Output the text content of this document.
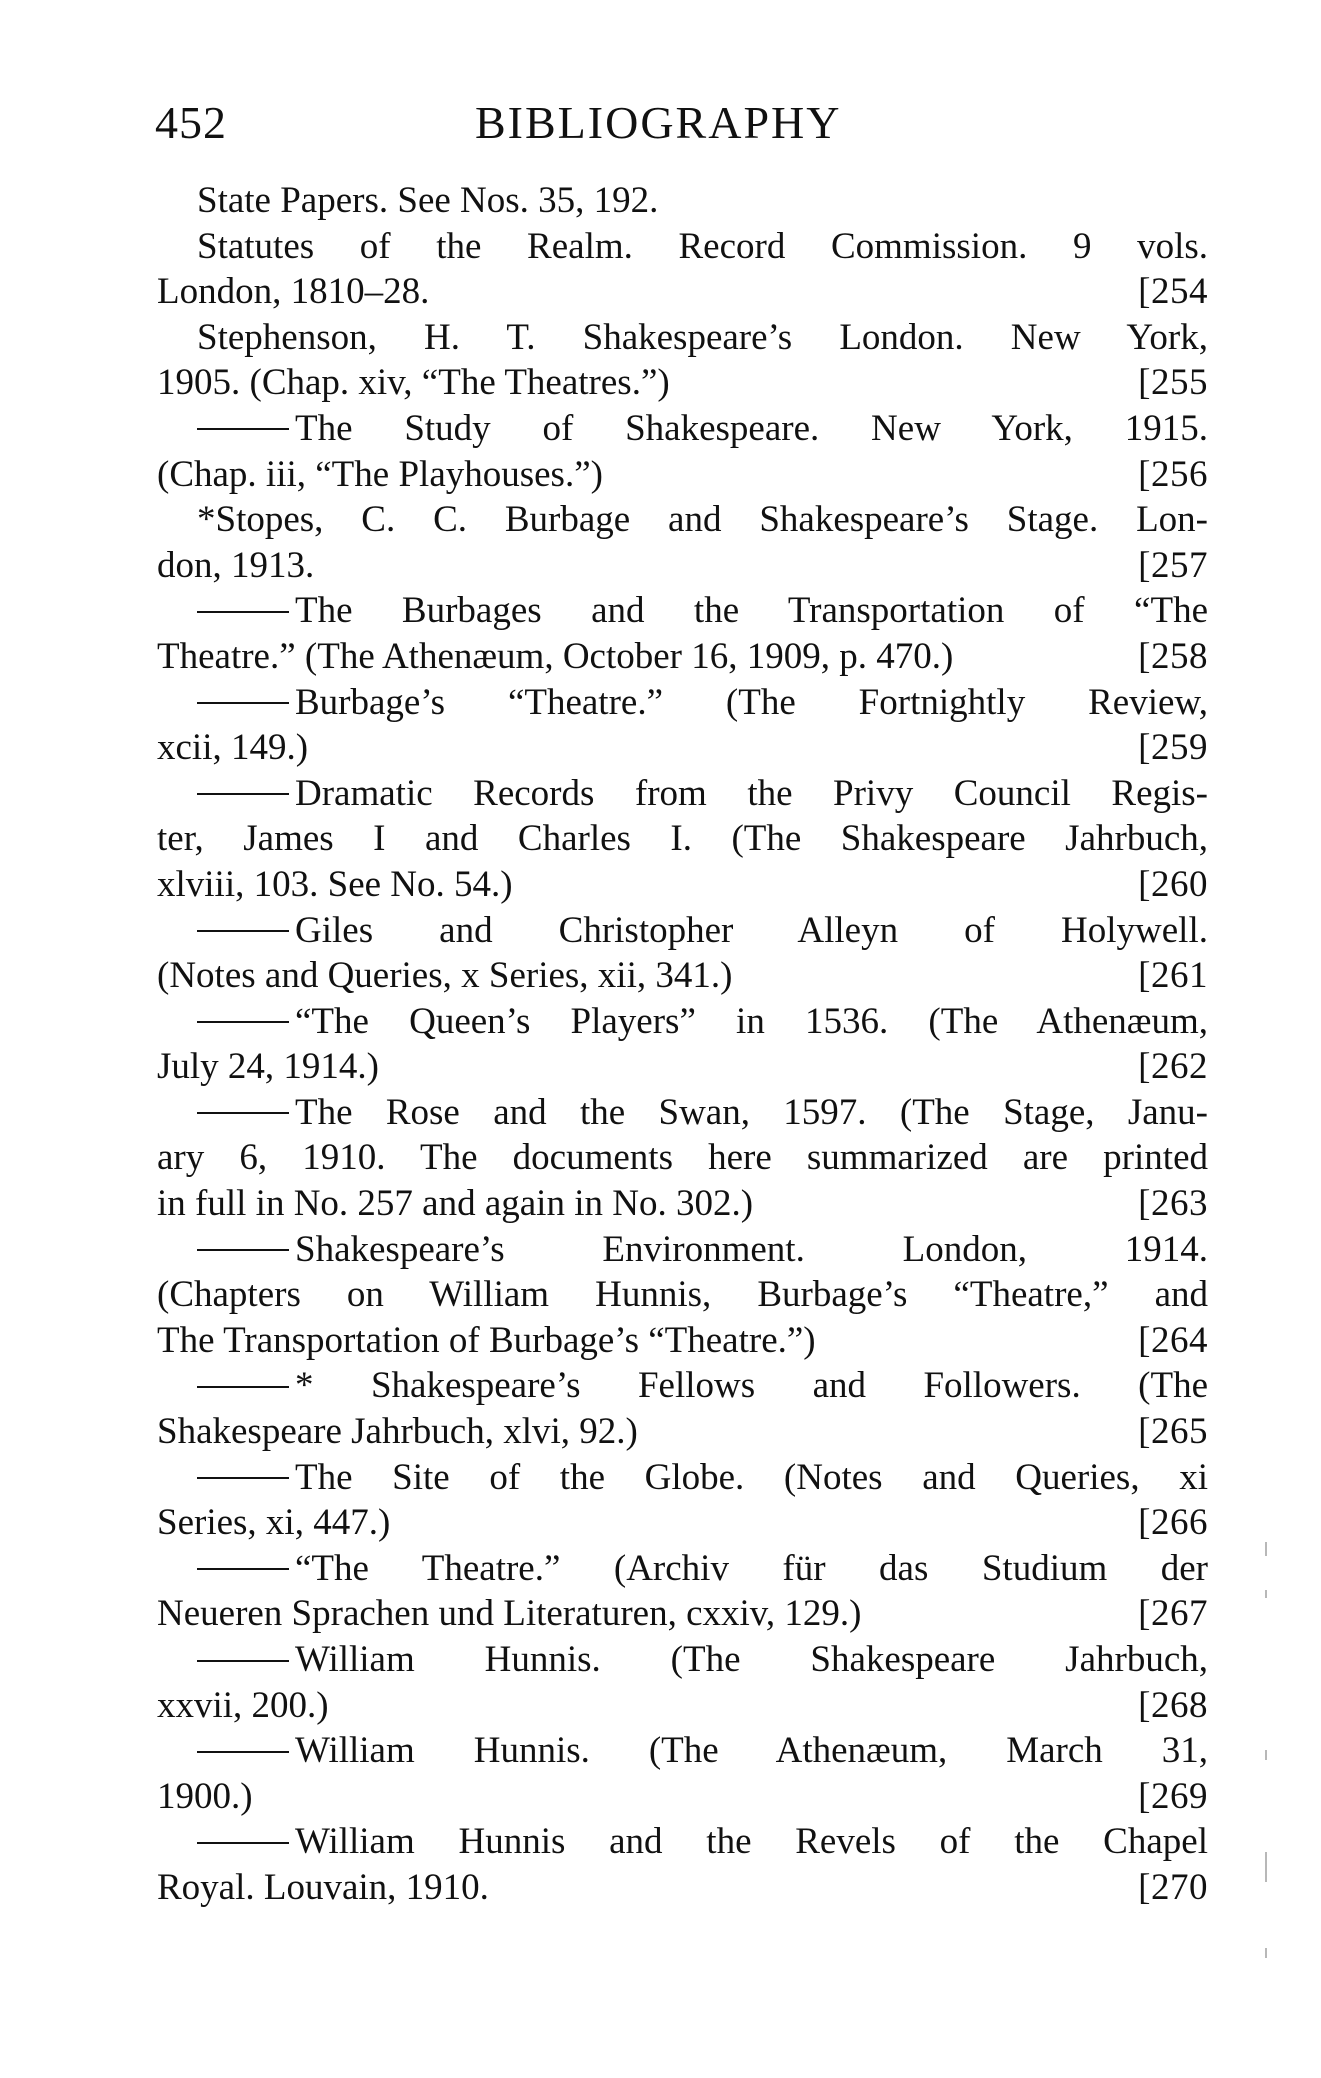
452	BIBLIOGRAPHY
State Papers. See Nos. 35, 192.
Statutes of the Realm. Record Commission. 9 vols.
London, 1810–28.	[254
Stephenson, H. T. Shakespeare’s London. New York,
1905. (Chap. xiv, “The Theatres.”)	[255
The Study of Shakespeare. New York, 1915.
(Chap. iii, “The Playhouses.”)	[256
*Stopes, C. C. Burbage and Shakespeare’s Stage. Lon-
don, 1913.	[257
The Burbages and the Transportation of “The
Theatre.” (The Athenæum, October 16, 1909, p. 470.)	[258
Burbage’s “Theatre.” (The Fortnightly Review,
xcii, 149.)	[259
Dramatic Records from the Privy Council Regis-
ter, James I and Charles I. (The Shakespeare Jahrbuch,
xlviii, 103. See No. 54.)	[260
Giles and Christopher Alleyn of Holywell.
(Notes and Queries, x Series, xii, 341.)	[261
“The Queen’s Players” in 1536. (The Athenæum,
July 24, 1914.)	[262
The Rose and the Swan, 1597. (The Stage, Janu-
ary 6, 1910. The documents here summarized are printed
in full in No. 257 and again in No. 302.)	[263
Shakespeare’s Environment. London, 1914.
(Chapters on William Hunnis, Burbage’s “Theatre,” and
The Transportation of Burbage’s “Theatre.”)	[264
* Shakespeare’s Fellows and Followers. (The
Shakespeare Jahrbuch, xlvi, 92.)	[265
The Site of the Globe. (Notes and Queries, xi
Series, xi, 447.)	[266
“The Theatre.” (Archiv für das Studium der
Neueren Sprachen und Literaturen, cxxiv, 129.)	[267
William Hunnis. (The Shakespeare Jahrbuch,
xxvii, 200.)	[268
William Hunnis. (The Athenæum, March 31,
1900.)	[269
William Hunnis and the Revels of the Chapel
Royal. Louvain, 1910.	[270
